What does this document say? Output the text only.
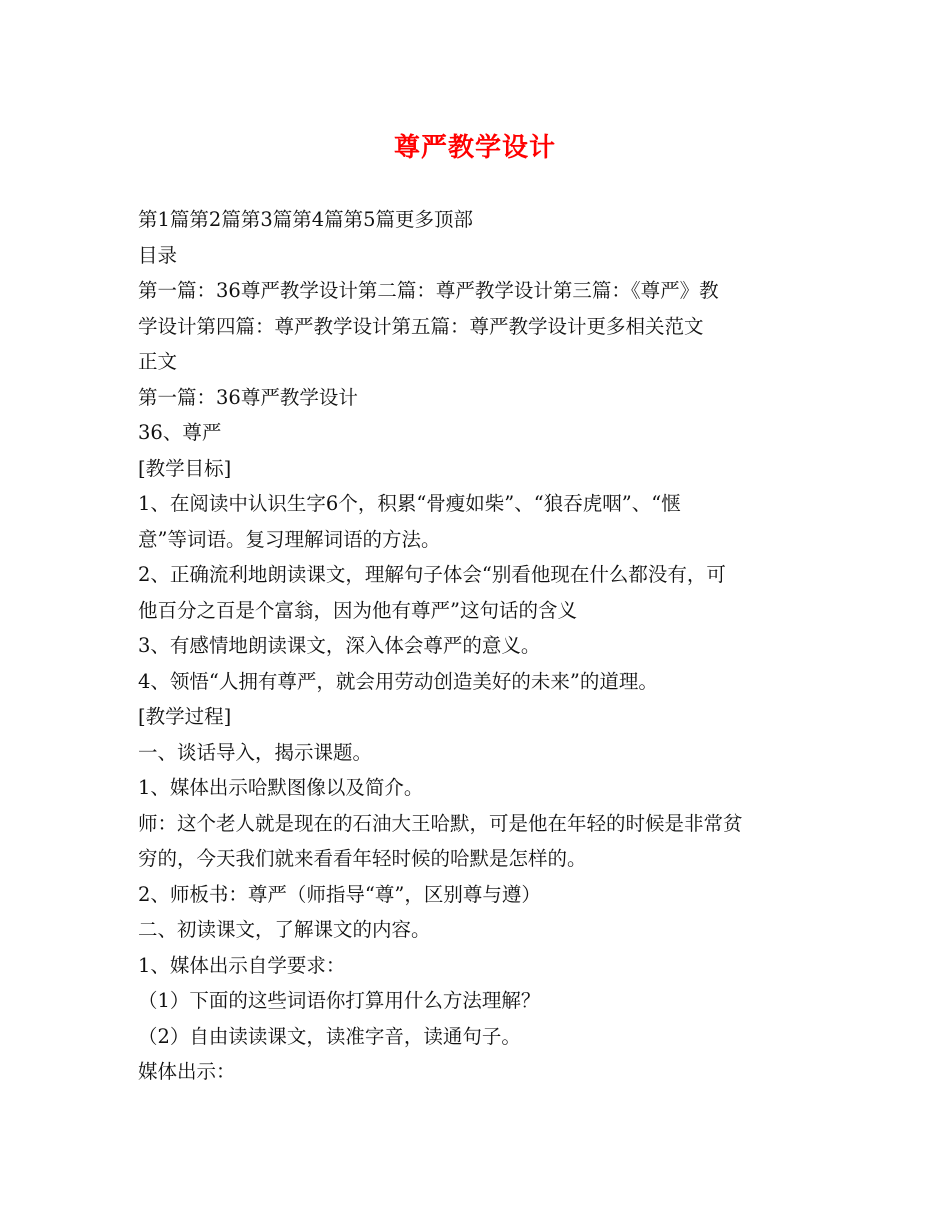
尊严教学设计
第1篇第2篇第3篇第4篇第5篇更多顶部
目录
第一篇：36尊严教学设计第二篇：尊严教学设计第三篇：《尊严》教
学设计第四篇：尊严教学设计第五篇：尊严教学设计更多相关范文
正文
第一篇：36尊严教学设计
36、尊严
[教学目标]
1、在阅读中认识生字6个，积累“骨瘦如柴”、“狼吞虎咽”、“惬
意”等词语。复习理解词语的方法。
2、正确流利地朗读课文，理解句子体会“别看他现在什么都没有，可
他百分之百是个富翁，因为他有尊严”这句话的含义
3、有感情地朗读课文，深入体会尊严的意义。
4、领悟“人拥有尊严，就会用劳动创造美好的未来”的道理。
[教学过程]
一、谈话导入，揭示课题。
1、媒体出示哈默图像以及简介。
师：这个老人就是现在的石油大王哈默，可是他在年轻的时候是非常贫
穷的，今天我们就来看看年轻时候的哈默是怎样的。
2、师板书：尊严（师指导“尊”，区别尊与遵）
二、初读课文，了解课文的内容。
1、媒体出示自学要求：
（1）下面的这些词语你打算用什么方法理解？
（2）自由读读课文，读准字音，读通句子。
媒体出示：
